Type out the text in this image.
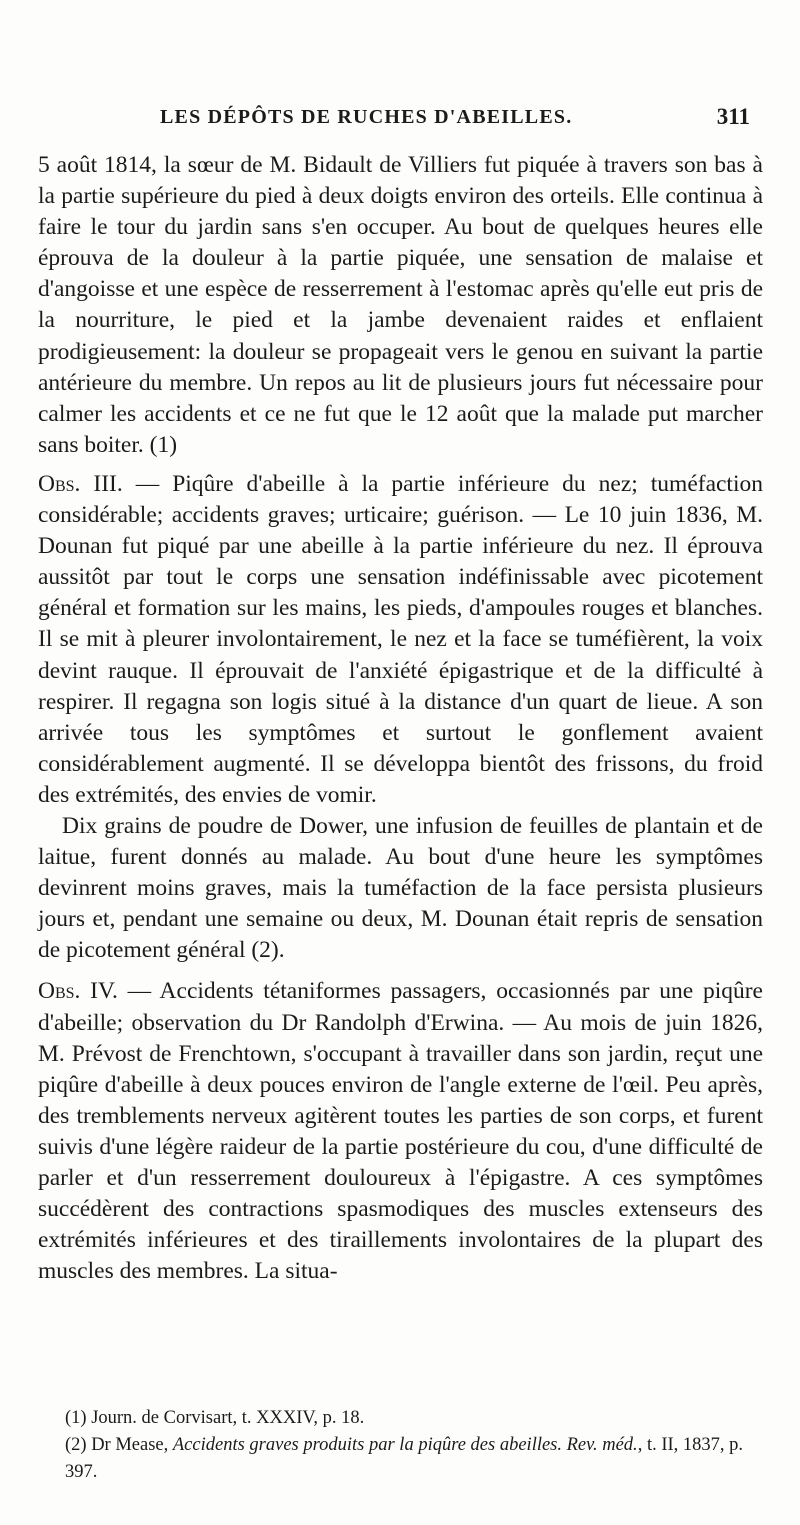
LES DÉPÔTS DE RUCHES D'ABEILLES.	311

5 août 1814, la sœur de M. Bidault de Villiers fut piquée à travers son bas à la partie supérieure du pied à deux doigts environ des orteils. Elle continua à faire le tour du jardin sans s'en occuper. Au bout de quelques heures elle éprouva de la douleur à la partie piquée, une sensation de malaise et d'angoisse et une espèce de resserrement à l'estomac après qu'elle eut pris de la nourriture, le pied et la jambe devenaient raides et enflaient prodigieusement: la douleur se propageait vers le genou en suivant la partie antérieure du membre. Un repos au lit de plusieurs jours fut nécessaire pour calmer les accidents et ce ne fut que le 12 août que la malade put marcher sans boiter. (1)

Obs. III. — Piqûre d'abeille à la partie inférieure du nez; tuméfaction considérable; accidents graves; urticaire; guérison. — Le 10 juin 1836, M. Dounan fut piqué par une abeille à la partie inférieure du nez. Il éprouva aussitôt par tout le corps une sensation indéfinissable avec picotement général et formation sur les mains, les pieds, d'ampoules rouges et blanches. Il se mit à pleurer involontairement, le nez et la face se tuméfièrent, la voix devint rauque. Il éprouvait de l'anxiété épigastrique et de la difficulté à respirer. Il regagna son logis situé à la distance d'un quart de lieue. A son arrivée tous les symptômes et surtout le gonflement avaient considérablement augmenté. Il se développa bientôt des frissons, du froid des extrémités, des envies de vomir.

Dix grains de poudre de Dower, une infusion de feuilles de plantain et de laitue, furent donnés au malade. Au bout d'une heure les symptômes devinrent moins graves, mais la tuméfaction de la face persista plusieurs jours et, pendant une semaine ou deux, M. Dounan était repris de sensation de picotement général (2).

Obs. IV. — Accidents tétaniformes passagers, occasionnés par une piqûre d'abeille; observation du Dr Randolph d'Erwina. — Au mois de juin 1826, M. Prévost de Frenchtown, s'occupant à travailler dans son jardin, reçut une piqûre d'abeille à deux pouces environ de l'angle externe de l'œil. Peu après, des tremblements nerveux agitèrent toutes les parties de son corps, et furent suivis d'une légère raideur de la partie postérieure du cou, d'une difficulté de parler et d'un resserrement douloureux à l'épigastre. A ces symptômes succédèrent des contractions spasmodiques des muscles extenseurs des extrémités inférieures et des tiraillements involontaires de la plupart des muscles des membres. La situa-

(1) Journ. de Corvisart, t. XXXIV, p. 18.

(2) Dr Mease, Accidents graves produits par la piqûre des abeilles. Rev. méd., t. II, 1837, p. 397.
